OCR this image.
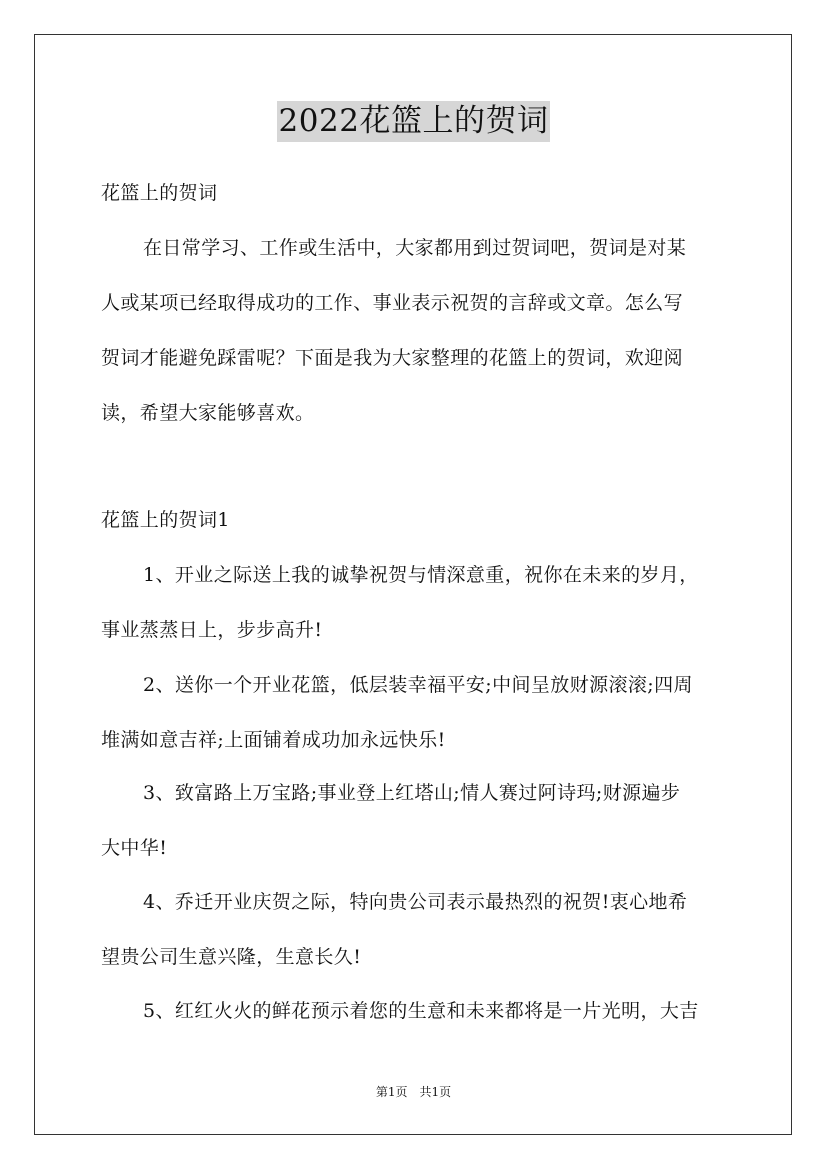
2022花篮上的贺词
花篮上的贺词
在日常学习、工作或生活中，大家都用到过贺词吧，贺词是对某
人或某项已经取得成功的工作、事业表示祝贺的言辞或文章。怎么写
贺词才能避免踩雷呢？下面是我为大家整理的花篮上的贺词，欢迎阅
读，希望大家能够喜欢。
花篮上的贺词1
1、开业之际送上我的诚挚祝贺与情深意重，祝你在未来的岁月，
事业蒸蒸日上，步步高升!
2、送你一个开业花篮，低层装幸福平安;中间呈放财源滚滚;四周
堆满如意吉祥;上面铺着成功加永远快乐!
3、致富路上万宝路;事业登上红塔山;情人赛过阿诗玛;财源遍步
大中华!
4、乔迁开业庆贺之际，特向贵公司表示最热烈的祝贺!衷心地希
望贵公司生意兴隆，生意长久!
5、红红火火的鲜花预示着您的生意和未来都将是一片光明，大吉
第1页　共1页
